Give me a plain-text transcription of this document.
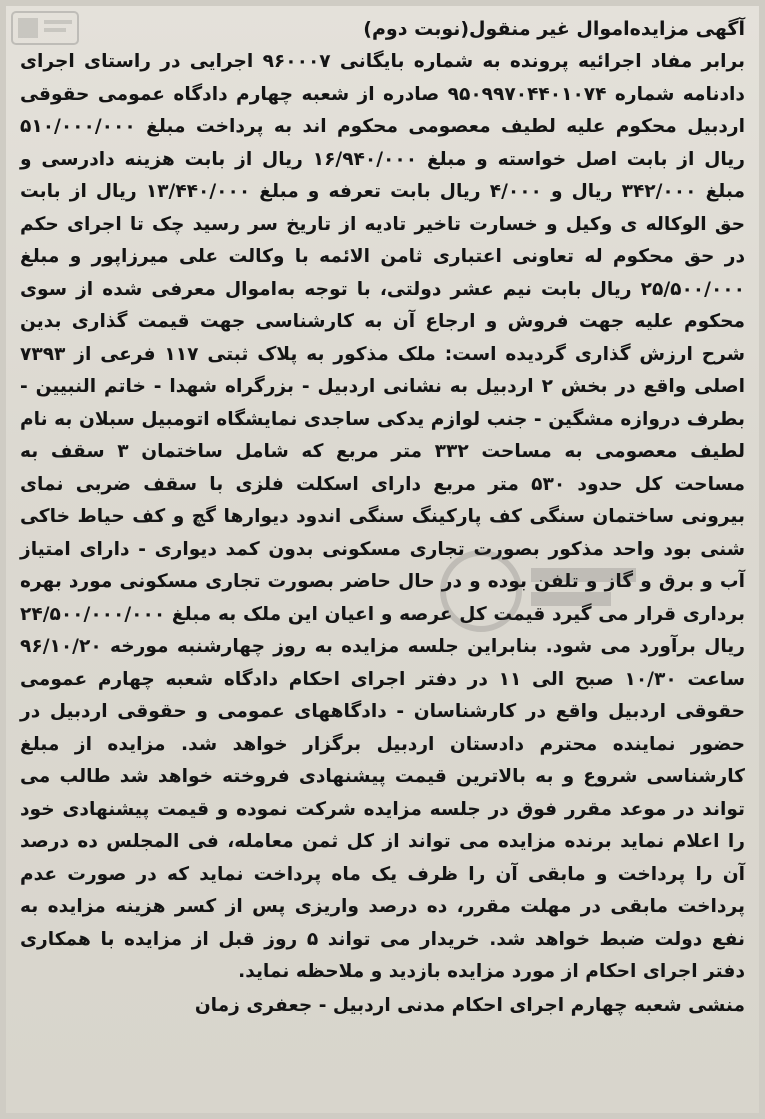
آگهی مزایده‌اموال غیر منقول(نوبت دوم)

برابر مفاد اجرائیه پرونده به شماره بایگانی ۹۶۰۰۰۷ اجرایی در راستای اجرای دادنامه شماره ۹۵۰۹۹۷۰۴۴۰۱۰۷۴ صادره از شعبه چهارم دادگاه عمومی حقوقی اردبیل محکوم علیه لطیف معصومی محکوم اند به پرداخت مبلغ ۵۱۰/۰۰۰/۰۰۰ ریال از بابت اصل خواسته و مبلغ ۱۶/۹۴۰/۰۰۰ ریال از بابت هزینه دادرسی و مبلغ ۳۴۲/۰۰۰ ریال و ۴/۰۰۰ ریال بابت تعرفه و مبلغ ۱۳/۴۴۰/۰۰۰ ریال از بابت حق الوکاله ی وکیل و خسارت تاخیر تادیه از تاریخ سر رسید چک تا اجرای حکم در حق محکوم له تعاونی اعتباری ثامن الائمه با وکالت علی میرزاپور و مبلغ ۲۵/۵۰۰/۰۰۰ ریال بابت نیم عشر دولتی، با توجه به‌اموال معرفی شده از سوی محکوم علیه جهت فروش و ارجاع آن به کارشناسی جهت قیمت گذاری بدین شرح ارزش گذاری گردیده است: ملک مذکور به پلاک ثبتی ۱۱۷ فرعی از ۷۳۹۳ اصلی واقع در بخش ۲ اردبیل به نشانی اردبیل - بزرگراه شهدا - خاتم النبیین - بطرف دروازه مشگین - جنب لوازم یدکی ساجدی نمایشگاه اتومبیل سبلان به نام لطیف معصومی به مساحت ۳۳۲ متر مربع که شامل ساختمان ۳ سقف به مساحت کل حدود ۵۳۰ متر مربع دارای اسکلت فلزی با سقف ضربی نمای بیرونی ساختمان سنگی کف پارکینگ سنگی اندود دیوارها گچ و کف حیاط خاکی شنی بود واحد مذکور بصورت تجاری مسکونی بدون کمد دیواری - دارای امتیاز آب و برق و گاز و تلفن بوده و در حال حاضر بصورت تجاری مسکونی مورد بهره برداری قرار می گیرد قیمت کل عرصه و اعیان این ملک به مبلغ ۲۴/۵۰۰/۰۰۰/۰۰۰ ریال برآورد می شود. بنابراین جلسه مزایده به روز چهارشنبه مورخه ۹۶/۱۰/۲۰ ساعت ۱۰/۳۰ صبح الی ۱۱ در دفتر اجرای احکام دادگاه شعبه چهارم عمومی حقوقی اردبیل واقع در کارشناسان - دادگاههای عمومی و حقوقی اردبیل در حضور نماینده محترم دادستان اردبیل برگزار خواهد شد. مزایده از مبلغ کارشناسی شروع و به بالاترین قیمت پیشنهادی فروخته خواهد شد طالب می تواند در موعد مقرر فوق در جلسه مزایده شرکت نموده و قیمت پیشنهادی خود را اعلام نماید برنده مزایده می تواند از کل ثمن معامله، فی المجلس ده درصد آن را پرداخت و مابقی آن را ظرف یک ماه پرداخت نماید که در صورت عدم پرداخت مابقی در مهلت مقرر، ده درصد واریزی پس از کسر هزینه مزایده به نفع دولت ضبط خواهد شد. خریدار می تواند ۵ روز قبل از مزایده با همکاری دفتر اجرای احکام از مورد مزایده بازدید و ملاحظه نماید.

منشی شعبه چهارم اجرای احکام مدنی اردبیل - جعفری زمان
